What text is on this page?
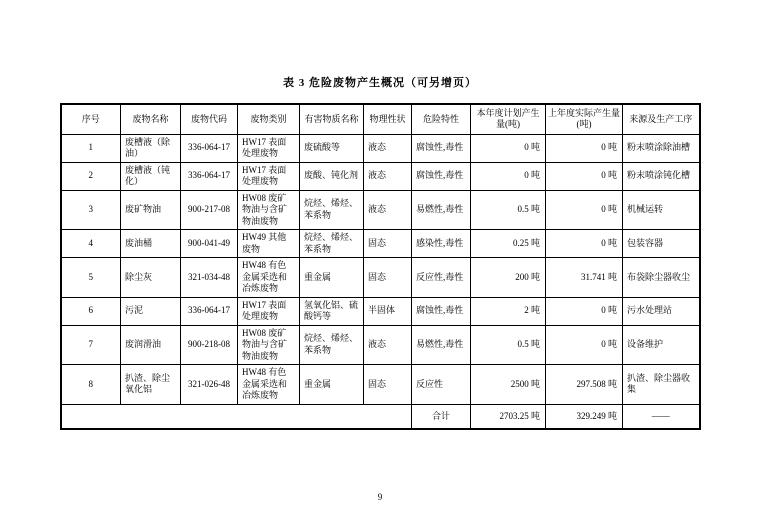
表 3 危险废物产生概况（可另增页）
序号	废物名称	废物代码	废物类别	有害物质名称	物理性状	危险特性	本年度计划产生量(吨)	上年度实际产生量(吨)	来源及生产工序
1	废槽液（除油）	336-064-17	HW17 表面处理废物	废硫酸等	液态	腐蚀性,毒性	0 吨	0 吨	粉末喷涂除油槽
2	废槽液（钝化）	336-064-17	HW17 表面处理废物	废酸、钝化剂	液态	腐蚀性,毒性	0 吨	0 吨	粉末喷涂钝化槽
3	废矿物油	900-217-08	HW08 废矿物油与含矿物油废物	烷烃、烯烃、苯系物	液态	易燃性,毒性	0.5 吨	0 吨	机械运转
4	废油桶	900-041-49	HW49 其他废物	烷烃、烯烃、苯系物	固态	感染性,毒性	0.25 吨	0 吨	包装容器
5	除尘灰	321-034-48	HW48 有色金属采选和冶炼废物	重金属	固态	反应性,毒性	200 吨	31.741 吨	布袋除尘器收尘
6	污泥	336-064-17	HW17 表面处理废物	氢氧化铝、硫酸钙等	半固体	腐蚀性,毒性	2 吨	0 吨	污水处理站
7	废润滑油	900-218-08	HW08 废矿物油与含矿物油废物	烷烃、烯烃、苯系物	液态	易燃性,毒性	0.5 吨	0 吨	设备维护
8	扒渣、除尘氧化铝	321-026-48	HW48 有色金属采选和冶炼废物	重金属	固态	反应性	2500 吨	297.508 吨	扒渣、除尘器收集
						合计	2703.25 吨	329.249 吨	——
9
